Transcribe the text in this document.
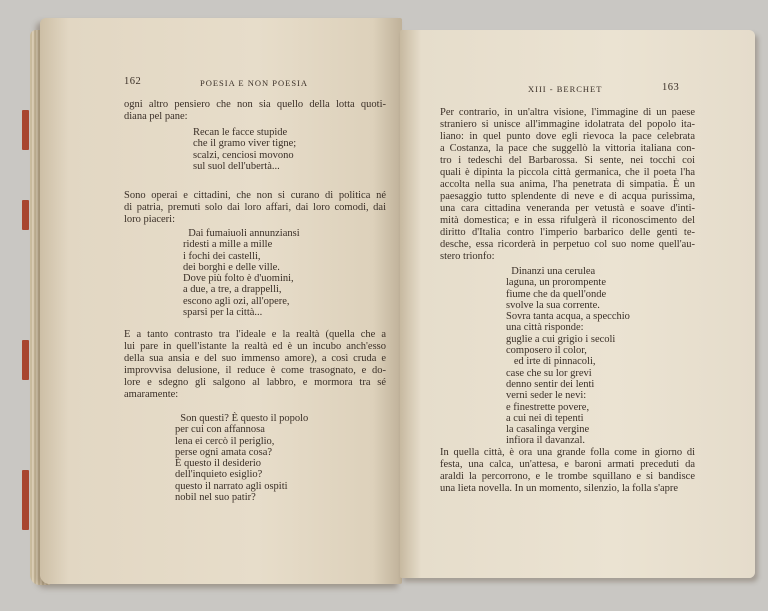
162	POESIA E NON POESIA
XIII - BERCHET	163
ogni altro pensiero che non sia quello della lotta quoti-
diana pel pane:
Recan le facce stupide
che il gramo viver tigne;
scalzi, cenciosi movono
sul suol dell'ubertà...
Sono operai e cittadini, che non si curano di politica né
di patria, premuti solo dai loro affari, dai loro comodi, dai
loro piaceri:
Dai fumaiuoli annunziansi
ridesti a mille a mille
i fochi dei castelli,
dei borghi e delle ville.
Dove più folto è d'uomini,
a due, a tre, a drappelli,
escono agli ozi, all'opere,
sparsi per la città...
E a tanto contrasto tra l'ideale e la realtà (quella che a
lui pare in quell'istante la realtà ed è un incubo anch'esso
della sua ansia e del suo immenso amore), a così cruda e
improvvisa delusione, il reduce è come trasognato, e do-
lore e sdegno gli salgono al labbro, e mormora tra sé
amaramente:
Son questi? È questo il popolo
per cui con affannosa
lena ei cercò il periglio,
perse ogni amata cosa?
È questo il desiderio
dell'inquieto esiglio?
questo il narrato agli ospiti
nobil nel suo patir?
Per contrario, in un'altra visione, l'immagine di un paese
straniero si unisce all'immagine idolatrata del popolo ita-
liano: in quel punto dove egli rievoca la pace celebrata
a Costanza, la pace che suggellò la vittoria italiana con-
tro i tedeschi del Barbarossa. Si sente, nei tocchi coi
quali è dipinta la piccola città germanica, che il poeta l'ha
accolta nella sua anima, l'ha penetrata di simpatia. È un
paesaggio tutto splendente di neve e di acqua purissima,
una cara cittadina veneranda per vetustà e soave d'inti-
mità domestica; e in essa rifulgerà il riconoscimento del
diritto d'Italia contro l'imperio barbarico delle genti te-
desche, essa ricorderà in perpetuo col suo nome quell'au-
stero trionfo:
Dinanzi una cerulea
laguna, un prorompente
fiume che da quell'onde
svolve la sua corrente.
Sovra tanta acqua, a specchio
una città risponde:
guglie a cui grigio i secoli
composero il color,
ed irte di pinnacoli,
case che su lor grevi
denno sentir dei lenti
verni seder le nevi:
e finestrette povere,
a cui nei dì tepenti
la casalinga vergine
infiora il davanzal.
In quella città, è ora una grande folla come in giorno di
festa, una calca, un'attesa, e baroni armati preceduti da
araldi la percorrono, e le trombe squillano e si bandisce
una lieta novella. In un momento, silenzio, la folla s'apre
